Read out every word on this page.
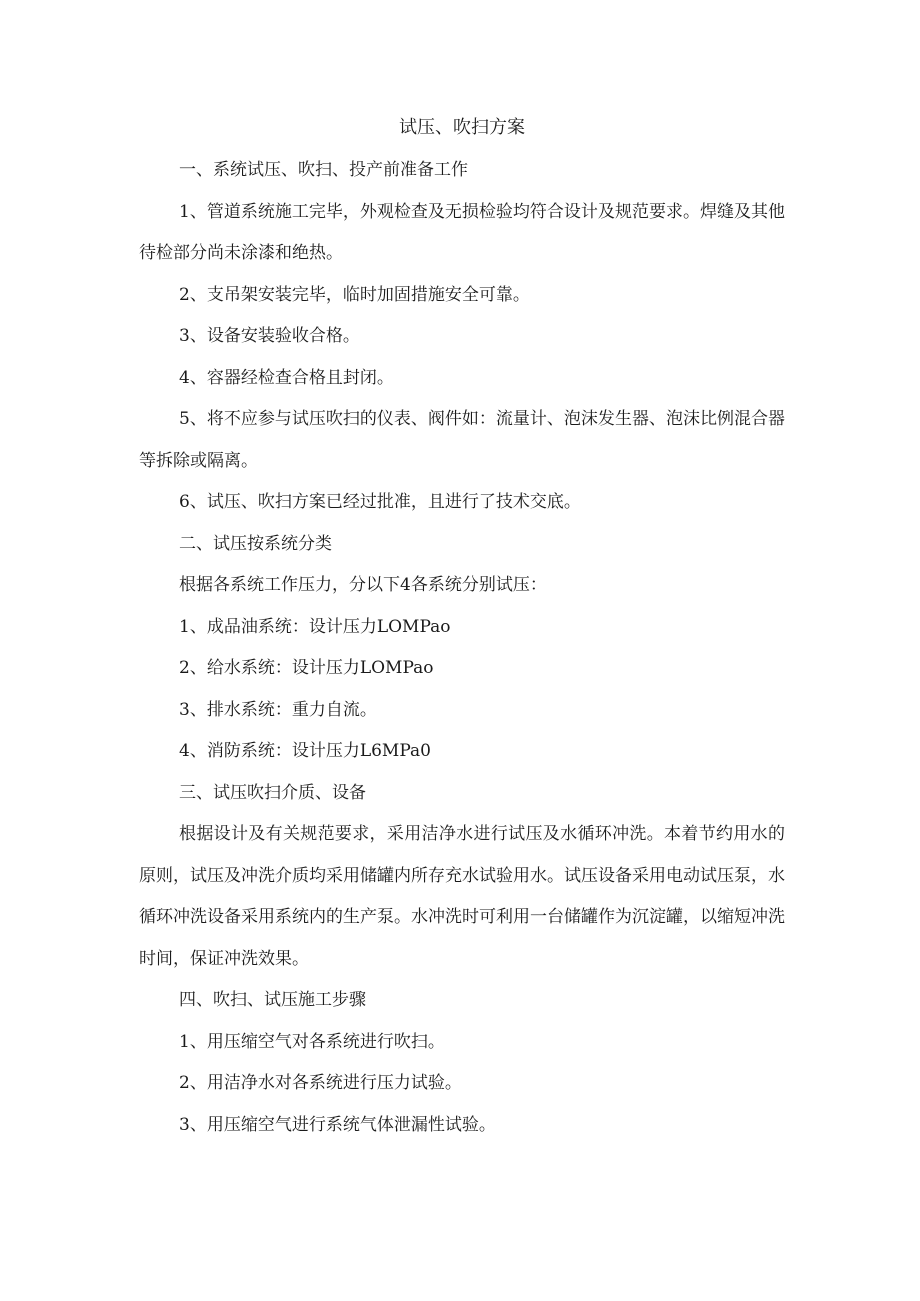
试压、吹扫方案

一、系统试压、吹扫、投产前准备工作

1、管道系统施工完毕，外观检查及无损检验均符合设计及规范要求。焊缝及其他待检部分尚未涂漆和绝热。

2、支吊架安装完毕，临时加固措施安全可靠。

3、设备安装验收合格。

4、容器经检查合格且封闭。

5、将不应参与试压吹扫的仪表、阀件如：流量计、泡沫发生器、泡沫比例混合器等拆除或隔离。

6、试压、吹扫方案已经过批准，且进行了技术交底。

二、试压按系统分类

根据各系统工作压力，分以下4各系统分别试压：

1、成品油系统：设计压力LOMPao

2、给水系统：设计压力LOMPao

3、排水系统：重力自流。

4、消防系统：设计压力L6MPa0

三、试压吹扫介质、设备

根据设计及有关规范要求，采用洁净水进行试压及水循环冲洗。本着节约用水的原则，试压及冲洗介质均采用储罐内所存充水试验用水。试压设备采用电动试压泵，水循环冲洗设备采用系统内的生产泵。水冲洗时可利用一台储罐作为沉淀罐，以缩短冲洗时间，保证冲洗效果。

四、吹扫、试压施工步骤

1、用压缩空气对各系统进行吹扫。

2、用洁净水对各系统进行压力试验。

3、用压缩空气进行系统气体泄漏性试验。
